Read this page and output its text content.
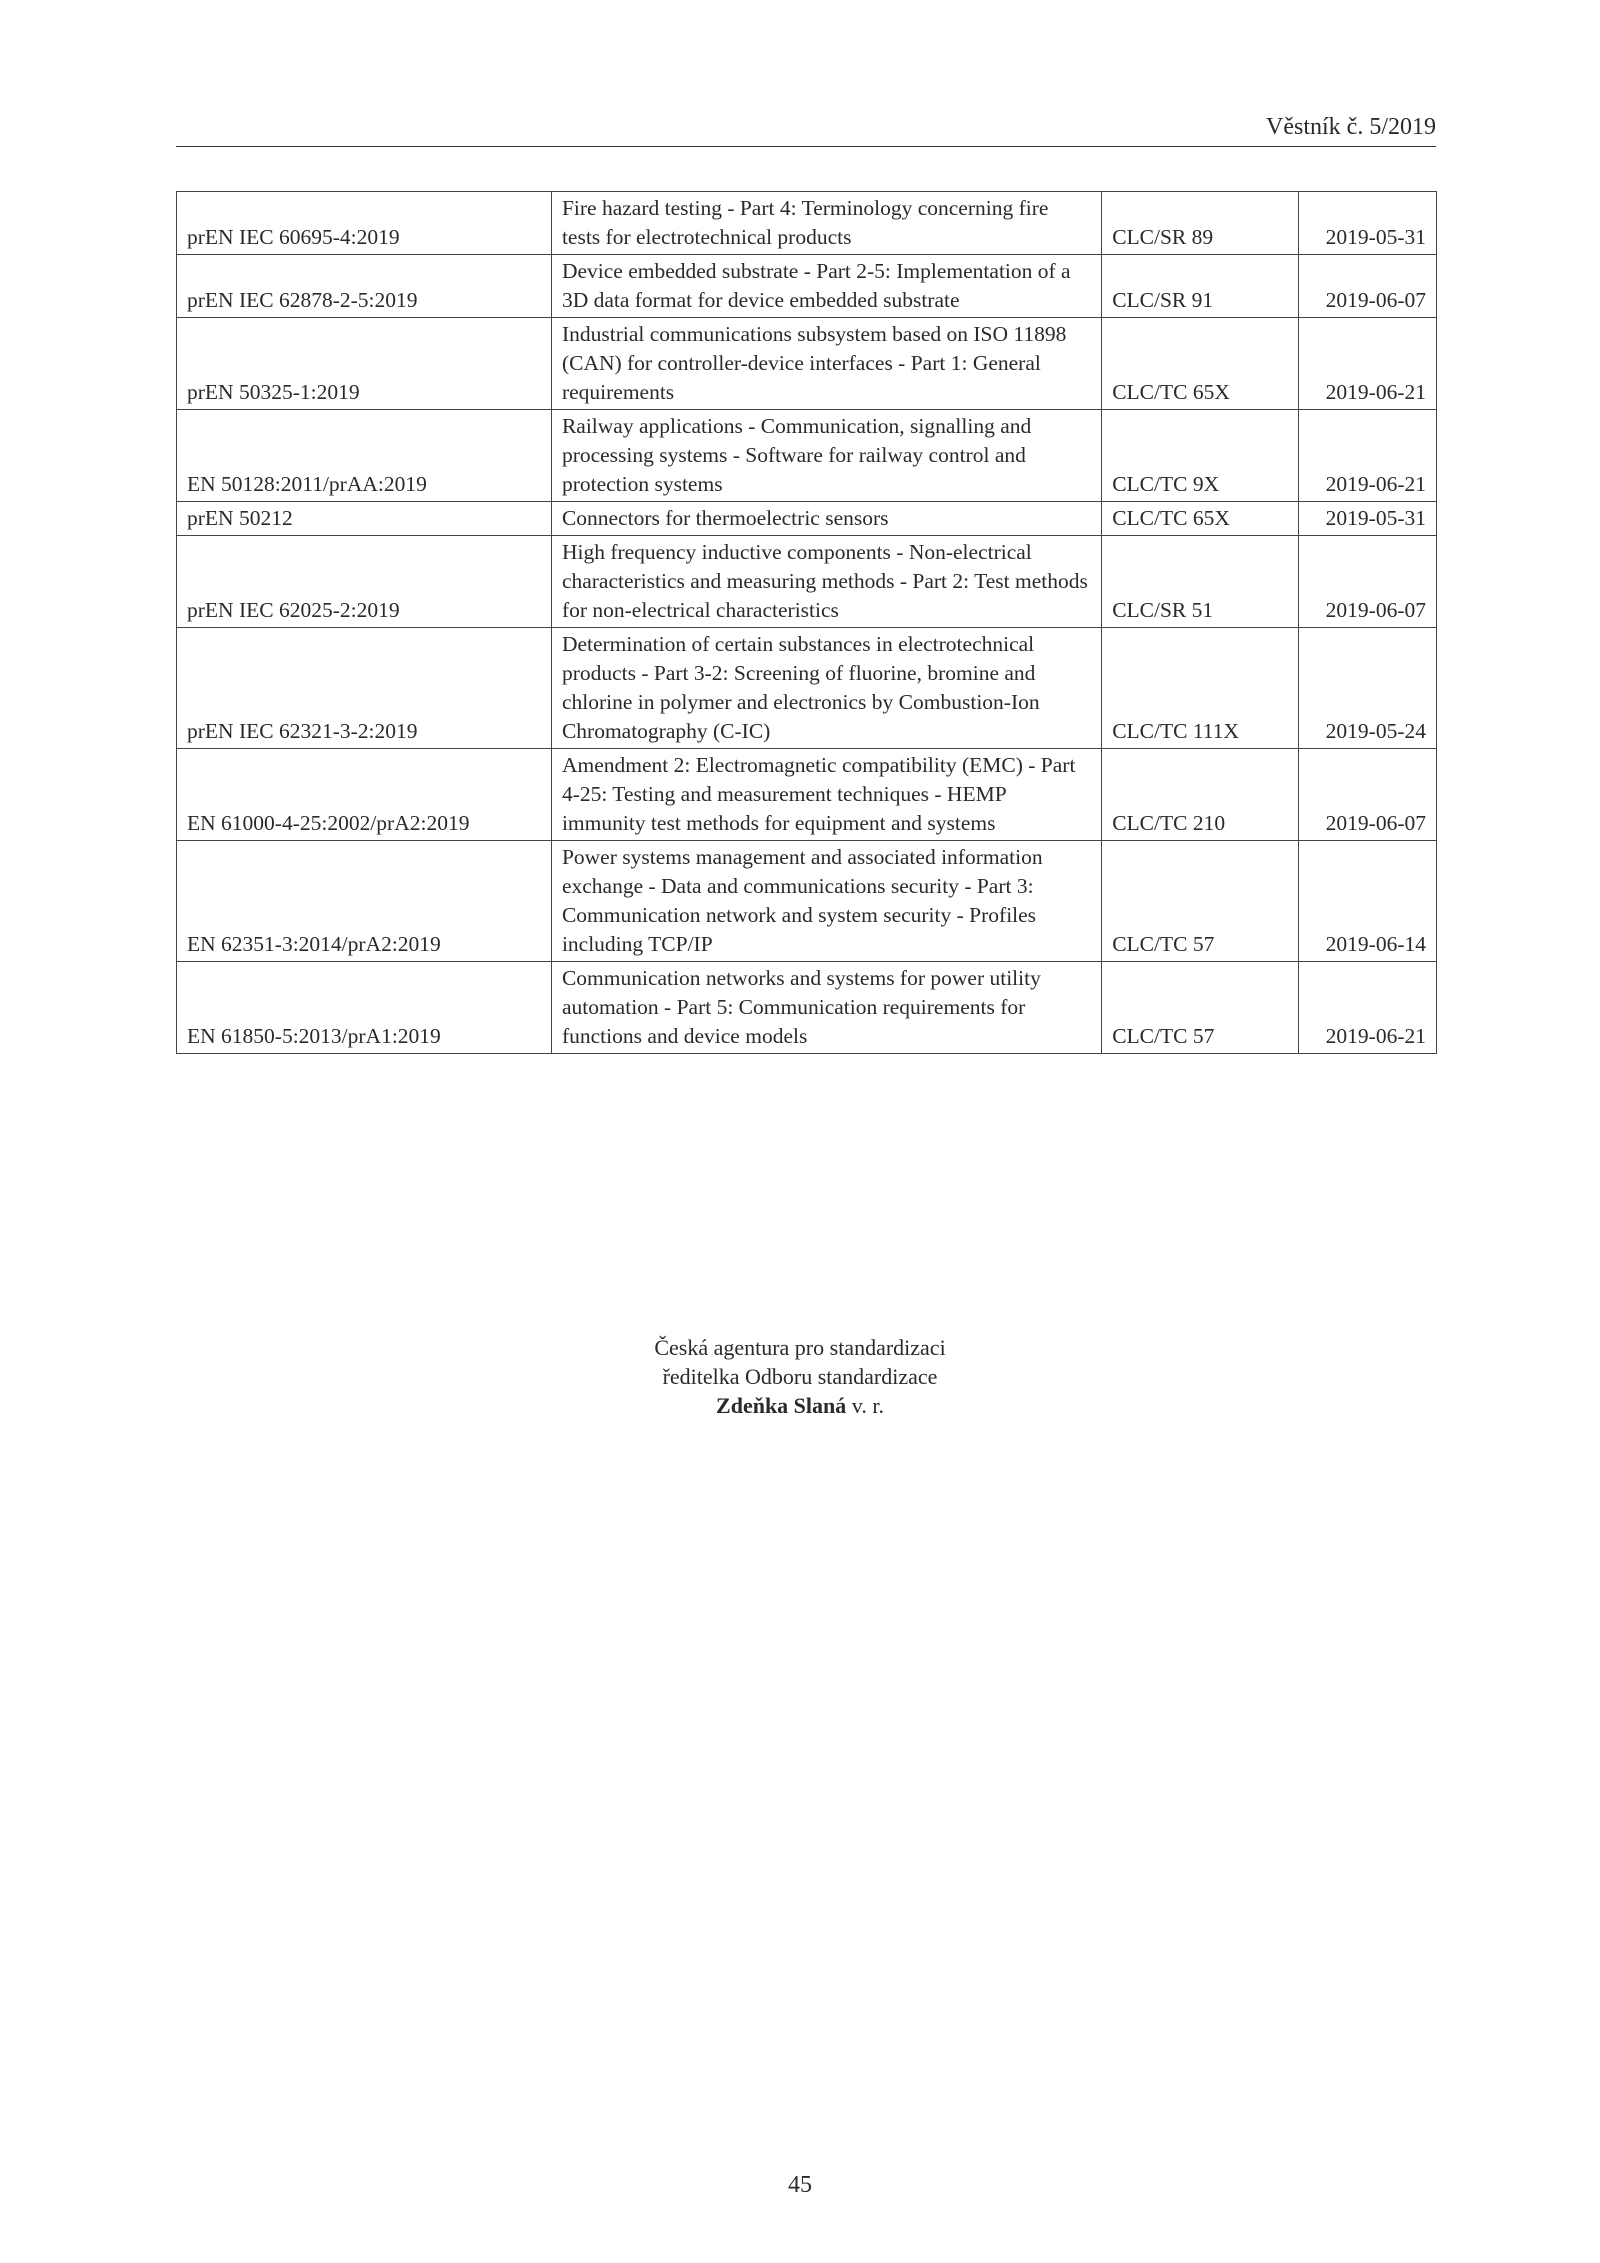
Věstník č. 5/2019
prEN IEC 60695-4:2019	Fire hazard testing - Part 4: Terminology concerning fire tests for electrotechnical products	CLC/SR 89	2019-05-31
prEN IEC 62878-2-5:2019	Device embedded substrate - Part 2-5: Implementation of a 3D data format for device embedded substrate	CLC/SR 91	2019-06-07
prEN 50325-1:2019	Industrial communications subsystem based on ISO 11898 (CAN) for controller-device interfaces - Part 1: General requirements	CLC/TC 65X	2019-06-21
EN 50128:2011/prAA:2019	Railway applications - Communication, signalling and processing systems - Software for railway control and protection systems	CLC/TC 9X	2019-06-21
prEN 50212	Connectors for thermoelectric sensors	CLC/TC 65X	2019-05-31
prEN IEC 62025-2:2019	High frequency inductive components - Non-electrical characteristics and measuring methods - Part 2: Test methods for non-electrical characteristics	CLC/SR 51	2019-06-07
prEN IEC 62321-3-2:2019	Determination of certain substances in electrotechnical products - Part 3-2: Screening of fluorine, bromine and chlorine in polymer and electronics by Combustion-Ion Chromatography (C-IC)	CLC/TC 111X	2019-05-24
EN 61000-4-25:2002/prA2:2019	Amendment 2: Electromagnetic compatibility (EMC) - Part 4-25: Testing and measurement techniques - HEMP immunity test methods for equipment and systems	CLC/TC 210	2019-06-07
EN 62351-3:2014/prA2:2019	Power systems management and associated information exchange - Data and communications security - Part 3: Communication network and system security - Profiles including TCP/IP	CLC/TC 57	2019-06-14
EN 61850-5:2013/prA1:2019	Communication networks and systems for power utility automation - Part 5: Communication requirements for functions and device models	CLC/TC 57	2019-06-21
Česká agentura pro standardizaci
ředitelka Odboru standardizace
Zdeňka Slaná v. r.
45
